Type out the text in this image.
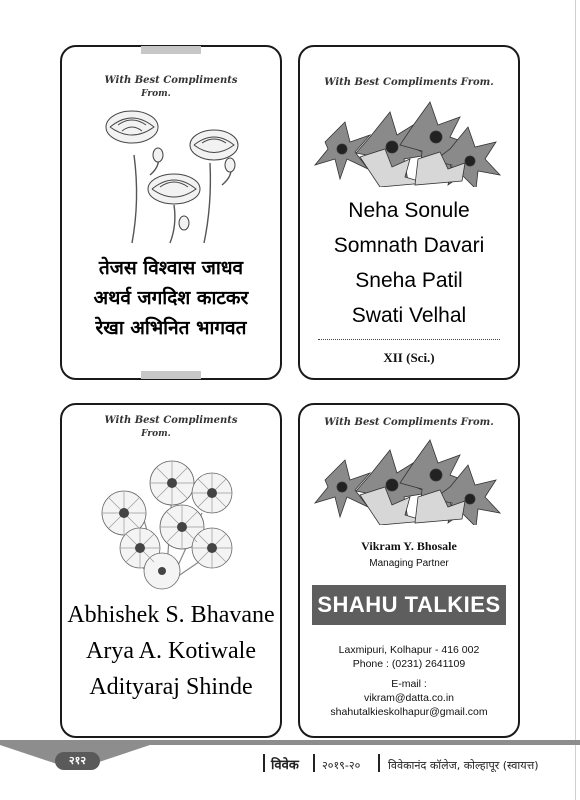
With Best Compliments
From.
तेजस विश्वास जाधव
अथर्व जगदिश काटकर
रेखा अभिनित भागवत
With Best Compliments From.
Neha Sonule
Somnath Davari
Sneha Patil
Swati Velhal
XII (Sci.)
With Best Compliments
From.
Abhishek S. Bhavane
Arya A. Kotiwale
Adityaraj Shinde
With Best Compliments From.
Vikram Y. Bhosale
Managing Partner
SHAHU TALKIES
Laxmipuri, Kolhapur - 416 002
Phone : (0231) 2641109
E-mail :
vikram@datta.co.in
shahutalkieskolhapur@gmail.com
२१२	विवेक २०१९-२०	विवेकानंद कॉलेज, कोल्हापूर (स्वायत्त)
